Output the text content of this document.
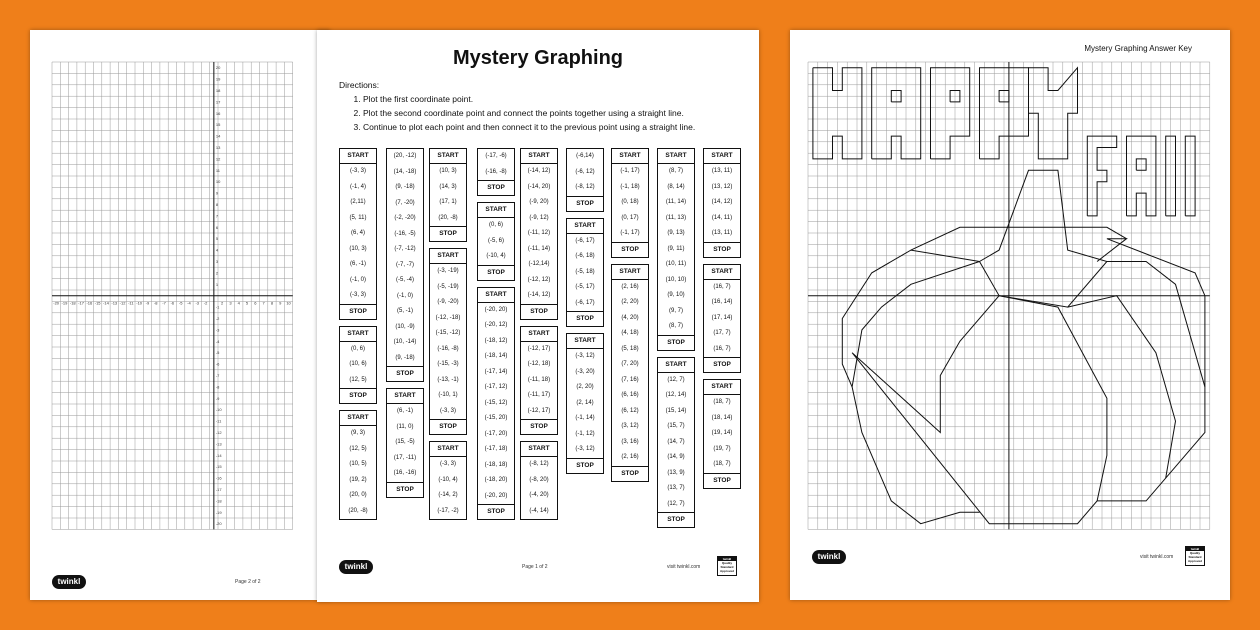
-20 -19 -18 -17 -16 -15 -14 -13 -12 -11 -10 -9 -8 -7 -6 -5 -4 -3 -2	2 3 4 5 6 7 8 9 10
20
19
18
17
16
15
14
13
12
11
10
9
8
7
6
5
4
3
2
1
-1
-2
-3
-4
-5
-6
-7
-8
-9
-10
-11
-12
-13
-14
-15
-16
-17
-18
-19
-20
twinkl	Page 2 of 2
Mystery Graphing Answer Key
twinkl	visit twinkl.com
twinkl
Quality Standard Approved
Mystery Graphing
Directions:
1. Plot the first coordinate point.
2. Plot the second coordinate point and connect the points together using a straight line.
3. Continue to plot each point and then connect it to the previous point using a straight line.
START
(-3, 3)
(-1, 4)
(2,11)
(5, 11)
(6, 4)
(10, 3)
(6, -1)
(-1, 0)
(-3, 3)
STOP
START
(0, 6)
(10, 6)
(12, 5)
STOP
START
(9, 3)
(12, 5)
(10, 5)
(19, 2)
(20, 0)
(20, -8)
(20, -12)
(14, -18)
(9, -18)
(7, -20)
(-2, -20)
(-16, -5)
(-7, -12)
(-7, -7)
(-5, -4)
(-1, 0)
(5, -1)
(10, -9)
(10, -14)
(9, -18)
STOP
START
(6, -1)
(11, 0)
(15, -5)
(17, -11)
(16, -16)
STOP
START
(10, 3)
(14, 3)
(17, 1)
(20, -8)
STOP
START
(-3, -19)
(-5, -19)
(-9, -20)
(-12, -18)
(-15, -12)
(-16, -8)
(-15, -3)
(-13, -1)
(-10, 1)
(-3, 3)
STOP
START
(-3, 3)
(-10, 4)
(-14, 2)
(-17, -2)
(-17, -6)
(-16, -8)
STOP
START
(0, 6)
(-5, 6)
(-10, 4)
STOP
START
(-20, 20)
(-20, 12)
(-18, 12)
(-18, 14)
(-17, 14)
(-17, 12)
(-15, 12)
(-15, 20)
(-17, 20)
(-17, 18)
(-18, 18)
(-18, 20)
(-20, 20)
STOP
START
(-14, 12)
(-14, 20)
(-9, 20)
(-9, 12)
(-11, 12)
(-11, 14)
(-12,14)
(-12, 12)
(-14, 12)
STOP
START
(-12, 17)
(-12, 18)
(-11, 18)
(-11, 17)
(-12, 17)
STOP
START
(-8, 12)
(-8, 20)
(-4, 20)
(-4, 14)
(-6,14)
(-6, 12)
(-8, 12)
STOP
START
(-6, 17)
(-6, 18)
(-5, 18)
(-5, 17)
(-6, 17)
STOP
START
(-3, 12)
(-3, 20)
(2, 20)
(2, 14)
(-1, 14)
(-1, 12)
(-3, 12)
STOP
START
(-1, 17)
(-1, 18)
(0, 18)
(0, 17)
(-1, 17)
STOP
START
(2, 16)
(2, 20)
(4, 20)
(4, 18)
(5, 18)
(7, 20)
(7, 16)
(6, 16)
(6, 12)
(3, 12)
(3, 16)
(2, 16)
STOP
START
(8, 7)
(8, 14)
(11, 14)
(11, 13)
(9, 13)
(9, 11)
(10, 11)
(10, 10)
(9, 10)
(9, 7)
(8, 7)
STOP
START
(12, 7)
(12, 14)
(15, 14)
(15, 7)
(14, 7)
(14, 9)
(13, 9)
(13, 7)
(12, 7)
STOP
START
(13, 11)
(13, 12)
(14, 12)
(14, 11)
(13, 11)
STOP
START
(16, 7)
(16, 14)
(17, 14)
(17, 7)
(16, 7)
STOP
START
(18, 7)
(18, 14)
(19, 14)
(19, 7)
(18, 7)
STOP
twinkl	Page 1 of 2	visit twinkl.com
twinkl
Quality Standard Approved
